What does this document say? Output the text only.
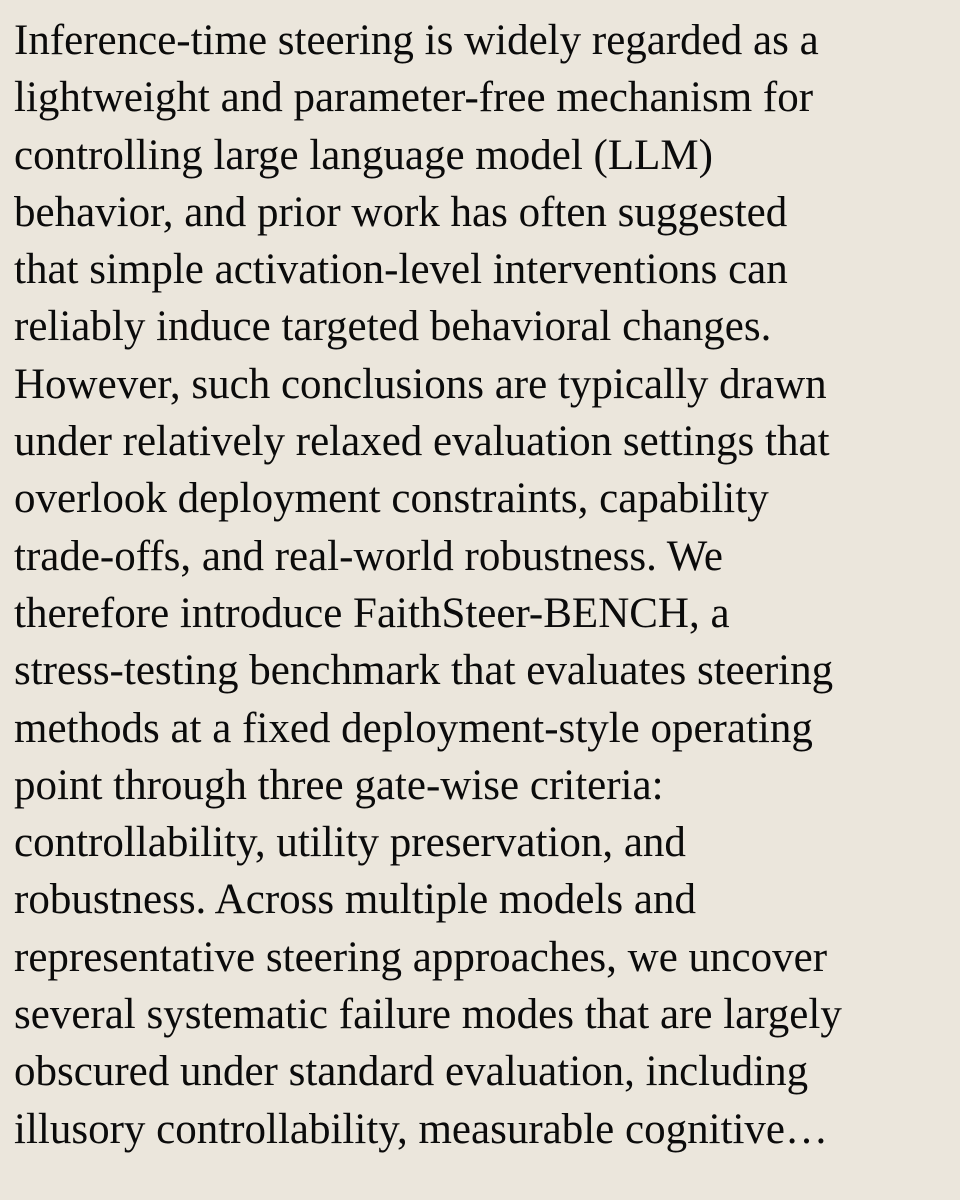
Inference-time steering is widely regarded as a
lightweight and parameter-free mechanism for
controlling large language model (LLM)
behavior, and prior work has often suggested
that simple activation-level interventions can
reliably induce targeted behavioral changes.
However, such conclusions are typically drawn
under relatively relaxed evaluation settings that
overlook deployment constraints, capability
trade-offs, and real-world robustness. We
therefore introduce FaithSteer-BENCH, a
stress-testing benchmark that evaluates steering
methods at a fixed deployment-style operating
point through three gate-wise criteria:
controllability, utility preservation, and
robustness. Across multiple models and
representative steering approaches, we uncover
several systematic failure modes that are largely
obscured under standard evaluation, including
illusory controllability, measurable cognitive…
